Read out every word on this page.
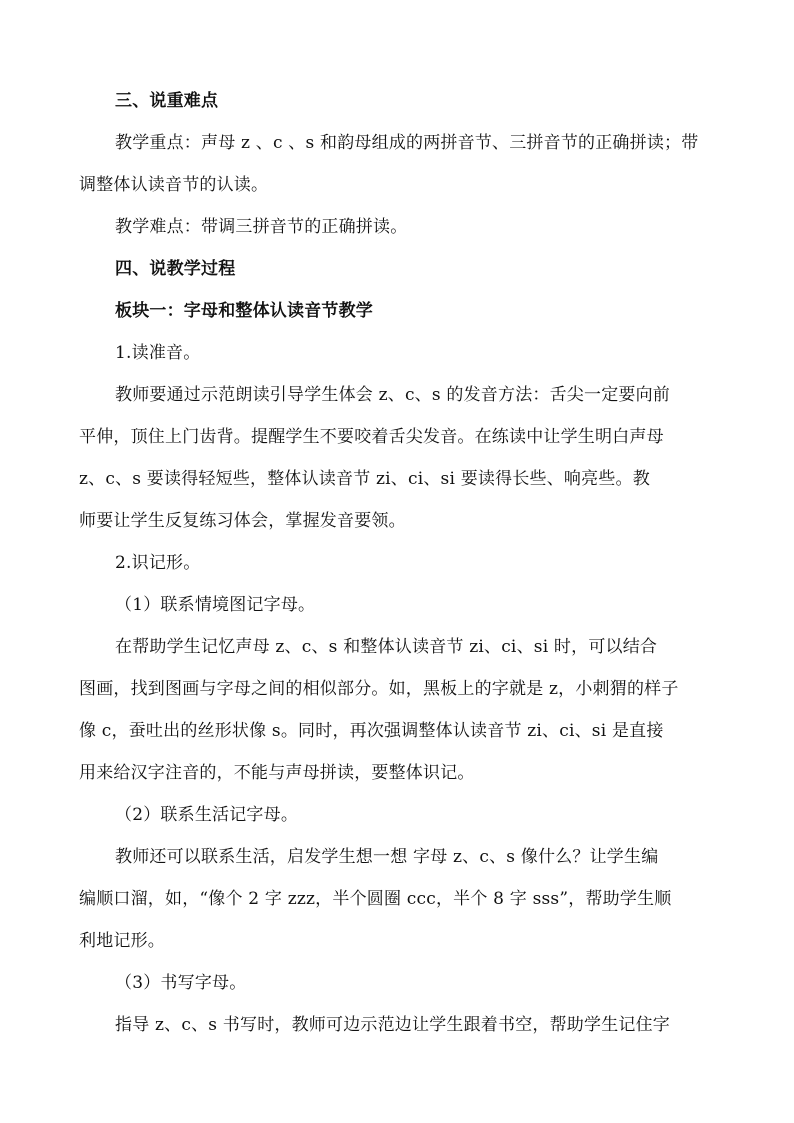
三、说重难点
教学重点：声母 z 、c 、s 和韵母组成的两拼音节、三拼音节的正确拼读；带
调整体认读音节的认读。
教学难点：带调三拼音节的正确拼读。
四、说教学过程
板块一：字母和整体认读音节教学
1.读准音。
教师要通过示范朗读引导学生体会 z、c、s 的发音方法：舌尖一定要向前
平伸，顶住上门齿背。提醒学生不要咬着舌尖发音。在练读中让学生明白声母
z、c、s 要读得轻短些，整体认读音节 zi、ci、si 要读得长些、响亮些。教
师要让学生反复练习体会，掌握发音要领。
2.识记形。
（1）联系情境图记字母。
在帮助学生记忆声母 z、c、s 和整体认读音节 zi、ci、si 时，可以结合
图画，找到图画与字母之间的相似部分。如，黑板上的字就是 z，小刺猬的样子
像 c，蚕吐出的丝形状像 s。同时，再次强调整体认读音节 zi、ci、si 是直接
用来给汉字注音的，不能与声母拼读，要整体识记。
（2）联系生活记字母。
教师还可以联系生活，启发学生想一想 字母 z、c、s 像什么？让学生编
编顺口溜，如，“像个 2 字 zzz，半个圆圈 ccc，半个 8 字 sss”，帮助学生顺
利地记形。
（3）书写字母。
指导 z、c、s 书写时，教师可边示范边让学生跟着书空，帮助学生记住字
